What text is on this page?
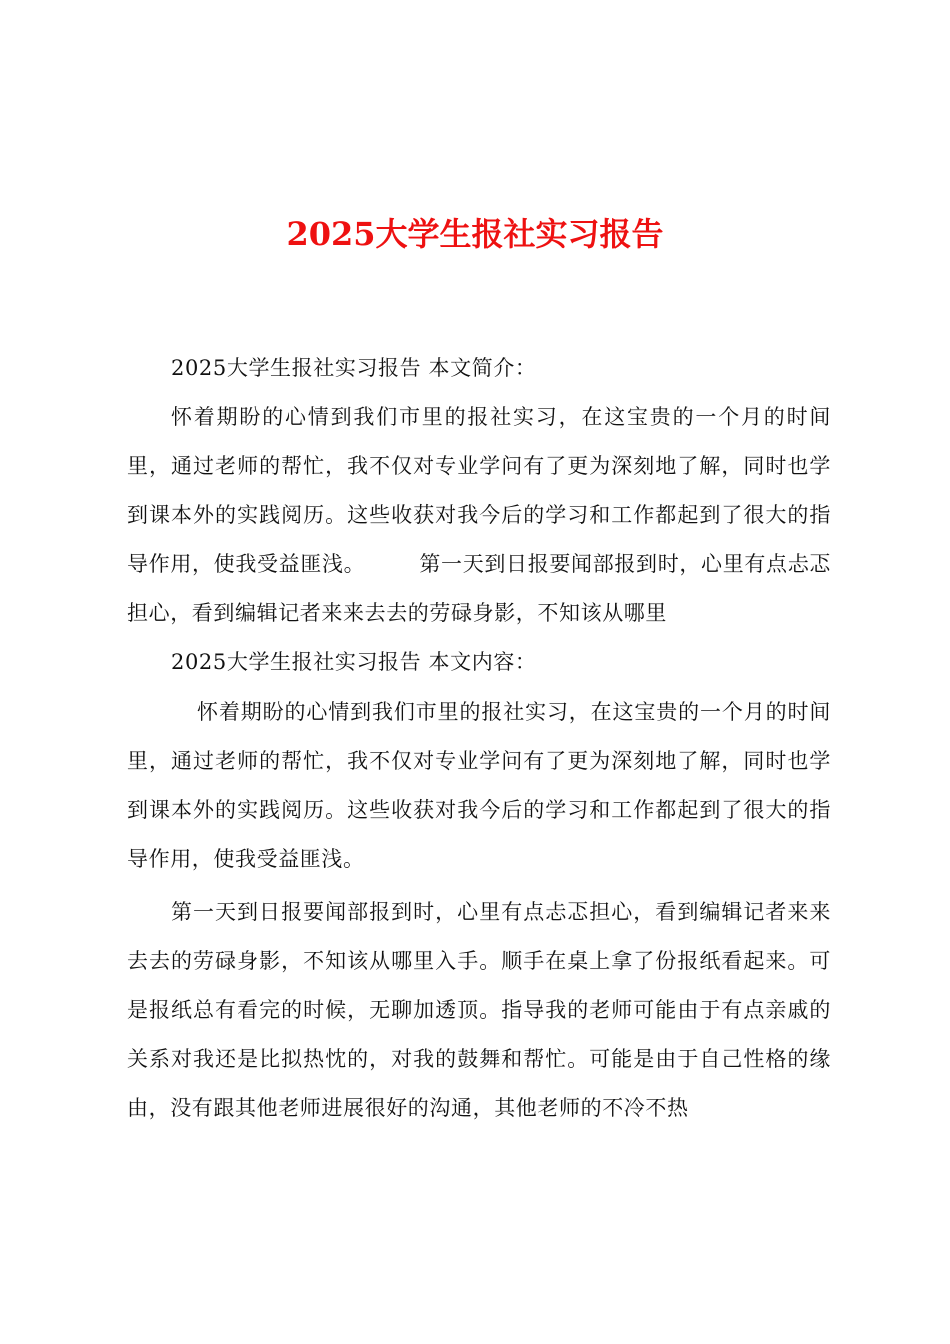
2025大学生报社实习报告
2025大学生报社实习报告 本文简介：
怀着期盼的心情到我们市里的报社实习，在这宝贵的一个月的时间里，通过老师的帮忙，我不仅对专业学问有了更为深刻地了解，同时也学到课本外的实践阅历。这些收获对我今后的学习和工作都起到了很大的指导作用，使我受益匪浅。	第一天到日报要闻部报到时，心里有点忐忑担心，看到编辑记者来来去去的劳碌身影，不知该从哪里
2025大学生报社实习报告 本文内容：
怀着期盼的心情到我们市里的报社实习，在这宝贵的一个月的时间里，通过老师的帮忙，我不仅对专业学问有了更为深刻地了解，同时也学到课本外的实践阅历。这些收获对我今后的学习和工作都起到了很大的指导作用，使我受益匪浅。
第一天到日报要闻部报到时，心里有点忐忑担心，看到编辑记者来来去去的劳碌身影，不知该从哪里入手。顺手在桌上拿了份报纸看起来。可是报纸总有看完的时候，无聊加透顶。指导我的老师可能由于有点亲戚的关系对我还是比拟热忱的，对我的鼓舞和帮忙。可能是由于自己性格的缘由，没有跟其他老师进展很好的沟通，其他老师的不冷不热
